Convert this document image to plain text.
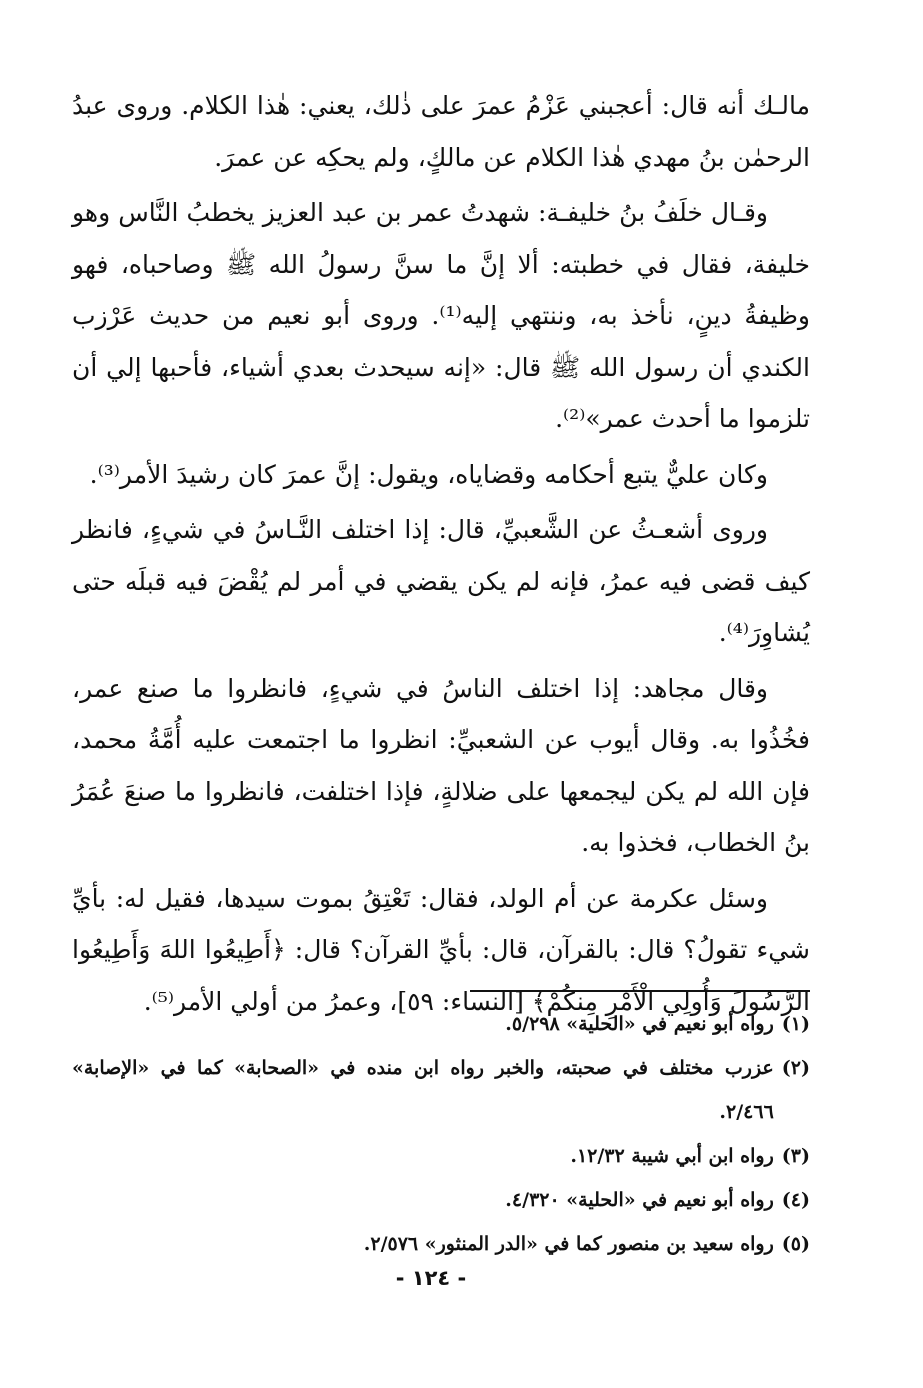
مالـك أنه قال: أعجبني عَزْمُ عمرَ على ذٰلك، يعني: هٰذا الكلام. وروى عبدُ الرحمٰن بنُ مهدي هٰذا الكلام عن مالكٍ، ولم يحكِه عن عمرَ.

وقـال خلَفُ بنُ خليفـة: شهدتُ عمر بن عبد العزيز يخطبُ النَّاس وهو خليفة، فقال في خطبته: ألا إنَّ ما سنَّ رسولُ الله ﷺ وصاحباه، فهو وظيفةُ دينٍ، نأخذ به، وننتهي إليه⁽¹⁾. وروى أبو نعيم من حديث عَرْزب الكندي أن رسول الله ﷺ قال: «إنه سيحدث بعدي أشياء، فأحبها إلي أن تلزموا ما أحدث عمر»⁽²⁾.

وكان عليٌّ يتبع أحكامه وقضاياه، ويقول: إنَّ عمرَ كان رشيدَ الأمر⁽³⁾.

وروى أشعـثُ عن الشَّعبيِّ، قال: إذا اختلف النَّـاسُ في شيءٍ، فانظر كيف قضى فيه عمرُ، فإنه لم يكن يقضي في أمر لم يُقْضَ فيه قبلَه حتى يُشاوِرَ⁽⁴⁾.

وقال مجاهد: إذا اختلف الناسُ في شيءٍ، فانظروا ما صنع عمر، فخُذُوا به. وقال أيوب عن الشعبيِّ: انظروا ما اجتمعت عليه أُمَّةُ محمد، فإن الله لم يكن ليجمعها على ضلالةٍ، فإذا اختلفت، فانظروا ما صنعَ عُمَرُ بنُ الخطاب، فخذوا به.

وسئل عكرمة عن أم الولد، فقال: تَعْتِقُ بموت سيدها، فقيل له: بأيِّ شيء تقولُ؟ قال: بالقرآن، قال: بأيِّ القرآن؟ قال: ﴿أَطِيعُوا اللهَ وَأَطِيعُوا الرَّسُولَ وَأُولِي الْأَمْرِ مِنكُمْ﴾ [النساء: ٥٩]، وعمرُ من أولي الأمر⁽⁵⁾.

(١)
رواه أبو نعيم في «الحلية» ٥/٢٩٨.
(٢)
عزرب مختلف في صحبته، والخبر رواه ابن منده في «الصحابة» كما في «الإصابة» ٢/٤٦٦.
(٣)
رواه ابن أبي شيبة ١٢/٣٢.
(٤)
رواه أبو نعيم في «الحلية» ٤/٣٢٠.
(٥)
رواه سعيد بن منصور كما في «الدر المنثور» ٢/٥٧٦.
- ١٢٤ -
